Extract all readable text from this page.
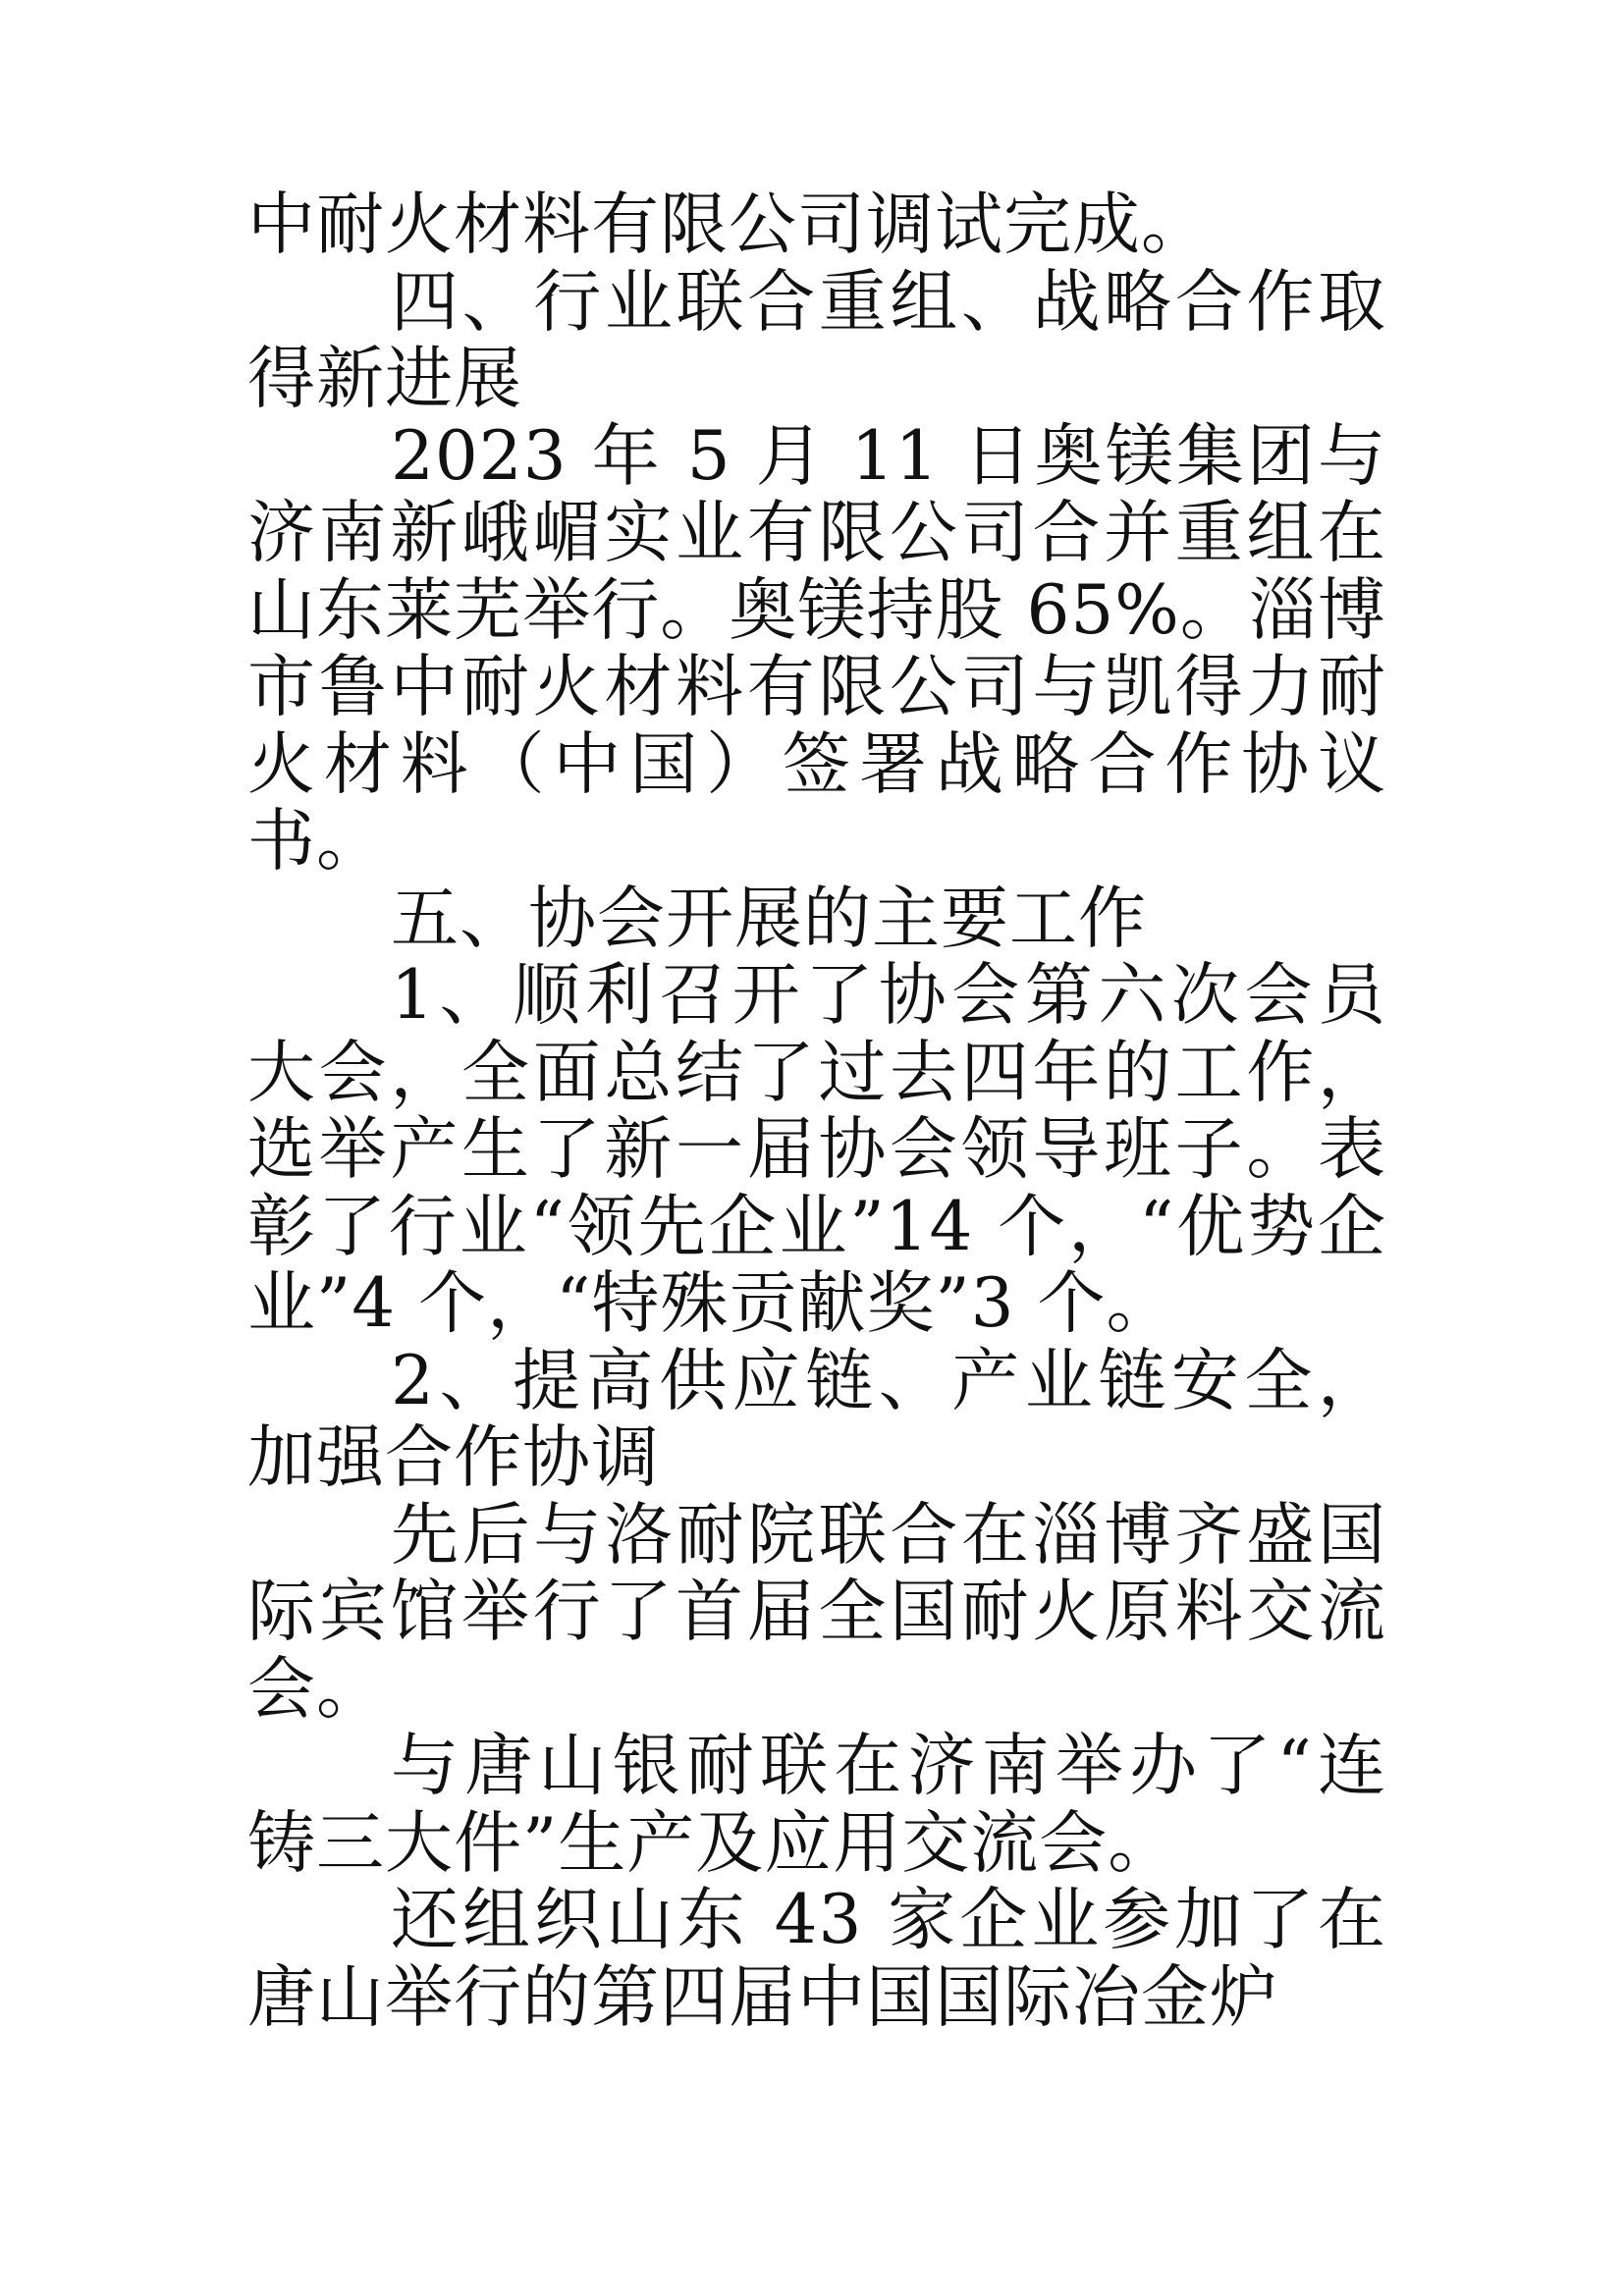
中耐火材料有限公司调试完成。

四、行业联合重组、战略合作取得新进展

2023 年 5 月 11 日奥镁集团与济南新峨嵋实业有限公司合并重组在山东莱芜举行。奥镁持股 65%。淄博市鲁中耐火材料有限公司与凯得力耐火材料（中国）签署战略合作协议书。

五、协会开展的主要工作

1、顺利召开了协会第六次会员大会，全面总结了过去四年的工作，选举产生了新一届协会领导班子。表彰了行业“领先企业”14 个，“优势企业”4 个，“特殊贡献奖”3 个。

2、提高供应链、产业链安全，加强合作协调

先后与洛耐院联合在淄博齐盛国际宾馆举行了首届全国耐火原料交流会。

与唐山银耐联在济南举办了“连铸三大件”生产及应用交流会。

还组织山东 43 家企业参加了在唐山举行的第四届中国国际冶金炉
